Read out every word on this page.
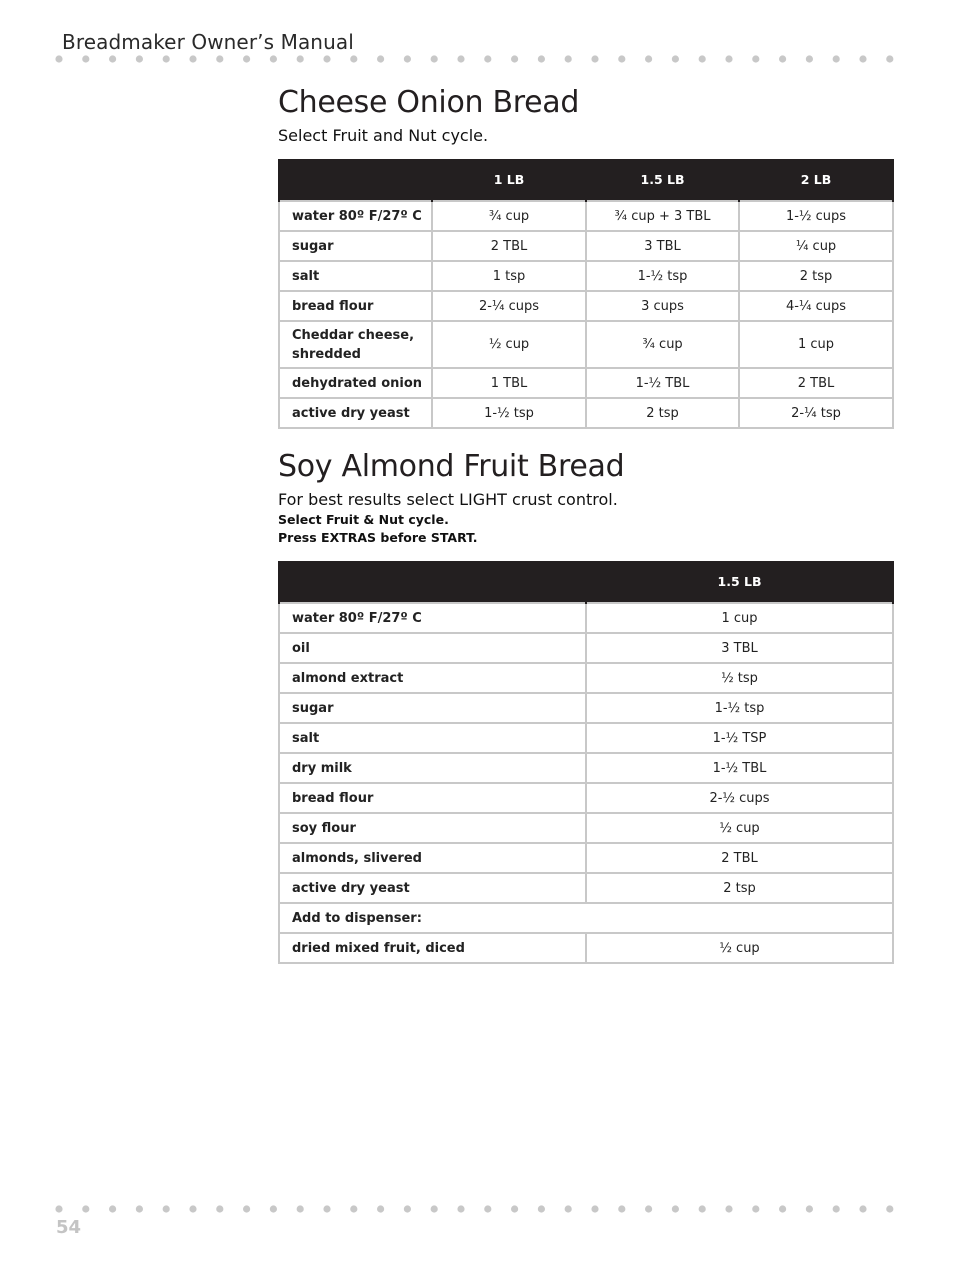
Breadmaker Owner’s Manual
Cheese Onion Bread
Select Fruit and Nut cycle.
	1 LB	1.5 LB	2 LB
water 80º F/27º C	¾ cup	¾ cup + 3 TBL	1-½ cups
sugar	2 TBL	3 TBL	¼ cup
salt	1 tsp	1-½ tsp	2 tsp
bread flour	2-¼ cups	3 cups	4-¼ cups
Cheddar cheese, shredded	½ cup	¾ cup	1 cup
dehydrated onion	1 TBL	1-½ TBL	2 TBL
active dry yeast	1-½ tsp	2 tsp	2-¼ tsp
Soy Almond Fruit Bread
For best results select LIGHT crust control.
Select Fruit & Nut cycle.
Press EXTRAS before START.
	1.5 LB
water 80º F/27º C	1 cup
oil	3 TBL
almond extract	½ tsp
sugar	1-½ tsp
salt	1-½ TSP
dry milk	1-½ TBL
bread flour	2-½ cups
soy flour	½ cup
almonds, slivered	2 TBL
active dry yeast	2 tsp
Add to dispenser:	
dried mixed fruit, diced	½ cup
54
